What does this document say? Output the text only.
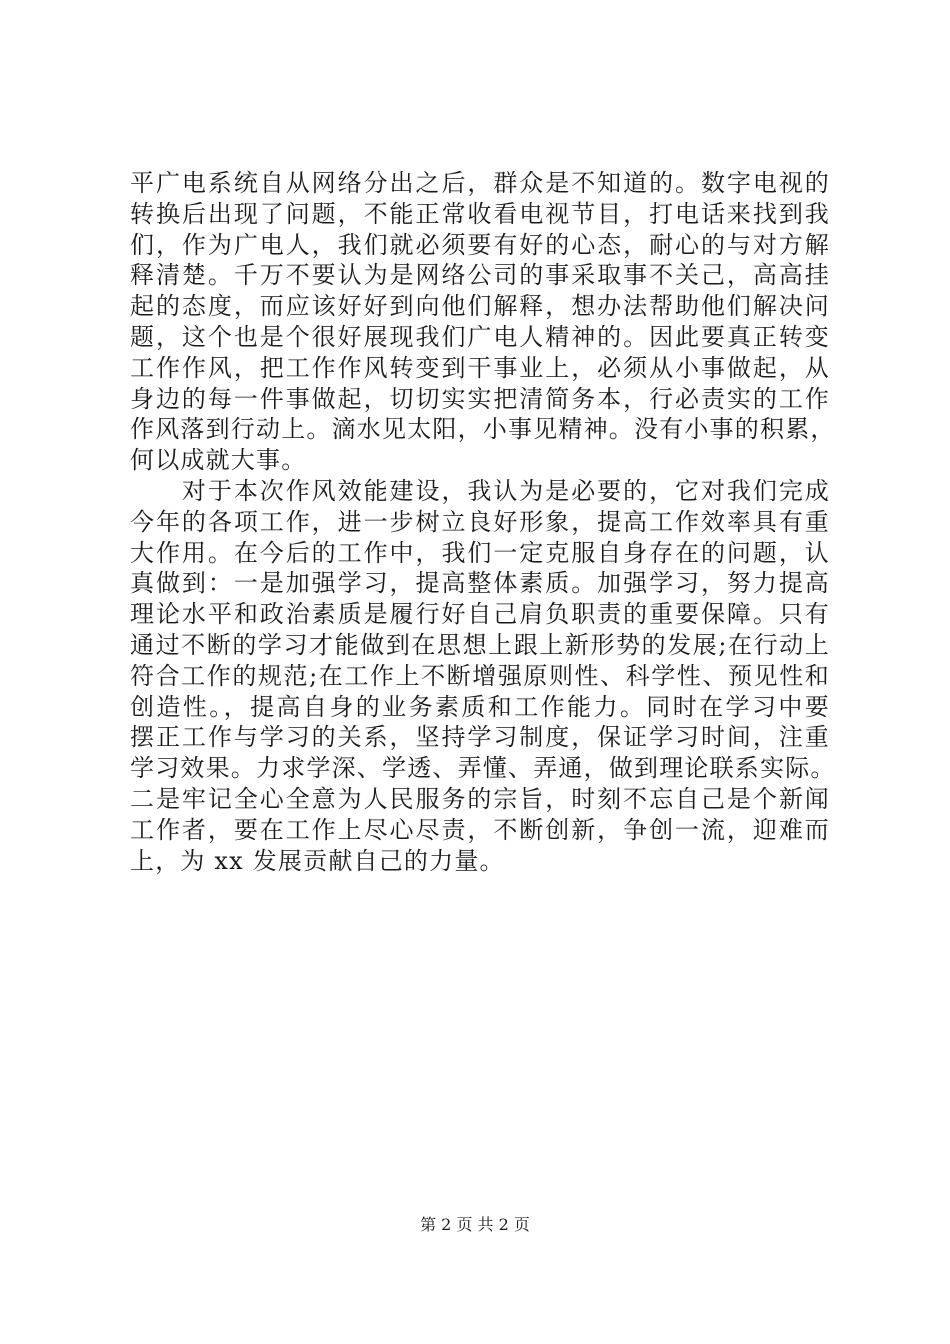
平广电系统自从网络分出之后，群众是不知道的。数字电视的
转换后出现了问题，不能正常收看电视节目，打电话来找到我
们，作为广电人，我们就必须要有好的心态，耐心的与对方解
释清楚。千万不要认为是网络公司的事采取事不关己，高高挂
起的态度，而应该好好到向他们解释，想办法帮助他们解决问
题，这个也是个很好展现我们广电人精神的。因此要真正转变
工作作风，把工作作风转变到干事业上，必须从小事做起，从
身边的每一件事做起，切切实实把清简务本，行必责实的工作
作风落到行动上。滴水见太阳，小事见精神。没有小事的积累，
何以成就大事。
　　对于本次作风效能建设，我认为是必要的，它对我们完成
今年的各项工作，进一步树立良好形象，提高工作效率具有重
大作用。在今后的工作中，我们一定克服自身存在的问题，认
真做到：一是加强学习，提高整体素质。加强学习，努力提高
理论水平和政治素质是履行好自己肩负职责的重要保障。只有
通过不断的学习才能做到在思想上跟上新形势的发展;在行动上
符合工作的规范;在工作上不断增强原则性、科学性、预见性和
创造性。，提高自身的业务素质和工作能力。同时在学习中要
摆正工作与学习的关系，坚持学习制度，保证学习时间，注重
学习效果。力求学深、学透、弄懂、弄通，做到理论联系实际。
二是牢记全心全意为人民服务的宗旨，时刻不忘自己是个新闻
工作者，要在工作上尽心尽责，不断创新，争创一流，迎难而
上，为 xx 发展贡献自己的力量。
第 2 页 共 2 页
